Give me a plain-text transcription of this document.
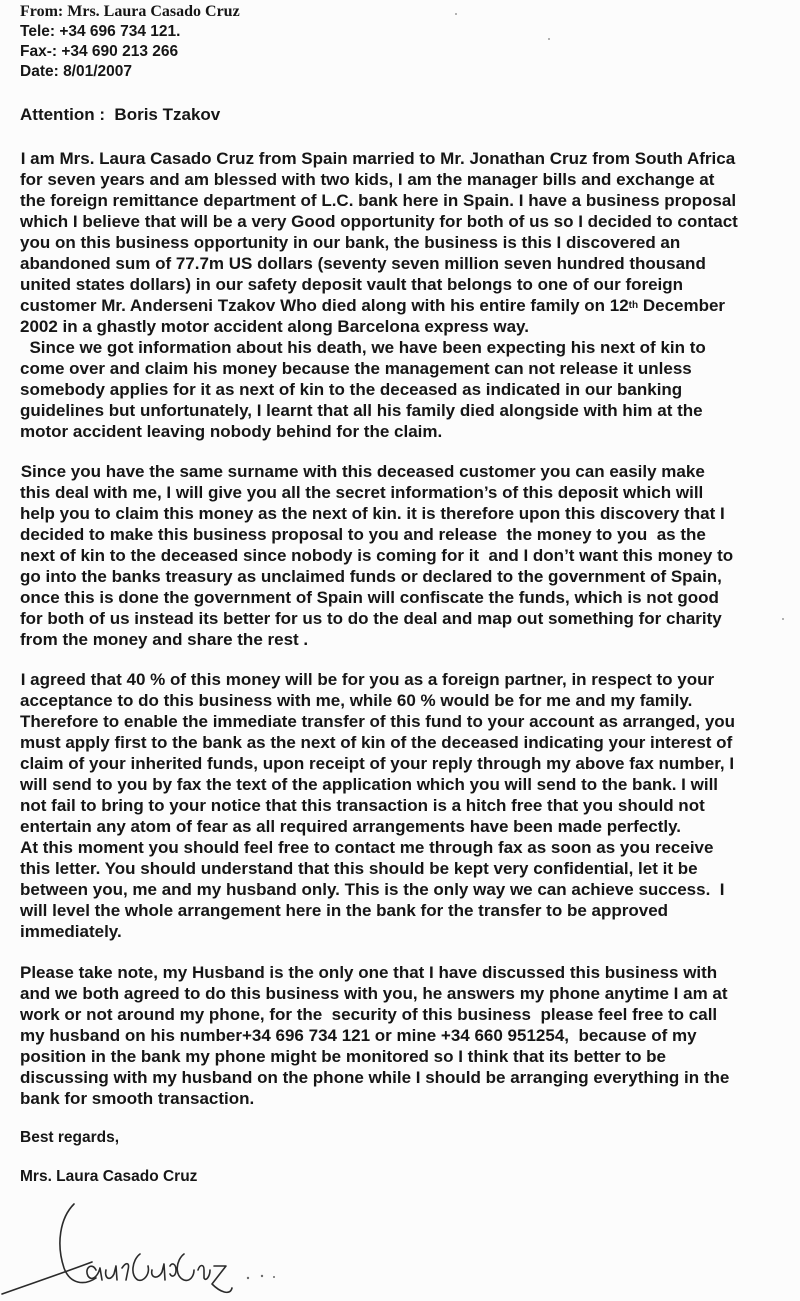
From: Mrs. Laura Casado Cruz
Tele: +34 696 734 121.
Fax-: +34 690 213 266
Date: 8/01/2007
Attention :  Boris Tzakov
I am Mrs. Laura Casado Cruz from Spain married to Mr. Jonathan Cruz from South Africa
for seven years and am blessed with two kids, I am the manager bills and exchange at
the foreign remittance department of L.C. bank here in Spain. I have a business proposal
which I believe that will be a very Good opportunity for both of us so I decided to contact
you on this business opportunity in our bank, the business is this I discovered an
abandoned sum of 77.7m US dollars (seventy seven million seven hundred thousand
united states dollars) in our safety deposit vault that belongs to one of our foreign
customer Mr. Anderseni Tzakov Who died along with his entire family on 12th December
2002 in a ghastly motor accident along Barcelona express way.
Since we got information about his death, we have been expecting his next of kin to
come over and claim his money because the management can not release it unless
somebody applies for it as next of kin to the deceased as indicated in our banking
guidelines but unfortunately, I learnt that all his family died alongside with him at the
motor accident leaving nobody behind for the claim.
Since you have the same surname with this deceased customer you can easily make
this deal with me, I will give you all the secret information’s of this deposit which will
help you to claim this money as the next of kin. it is therefore upon this discovery that I
decided to make this business proposal to you and release  the money to you  as the
next of kin to the deceased since nobody is coming for it  and I don’t want this money to
go into the banks treasury as unclaimed funds or declared to the government of Spain,
once this is done the government of Spain will confiscate the funds, which is not good
for both of us instead its better for us to do the deal and map out something for charity
from the money and share the rest .
I agreed that 40 % of this money will be for you as a foreign partner, in respect to your
acceptance to do this business with me, while 60 % would be for me and my family.
Therefore to enable the immediate transfer of this fund to your account as arranged, you
must apply first to the bank as the next of kin of the deceased indicating your interest of
claim of your inherited funds, upon receipt of your reply through my above fax number, I
will send to you by fax the text of the application which you will send to the bank. I will
not fail to bring to your notice that this transaction is a hitch free that you should not
entertain any atom of fear as all required arrangements have been made perfectly.
At this moment you should feel free to contact me through fax as soon as you receive
this letter. You should understand that this should be kept very confidential, let it be
between you, me and my husband only. This is the only way we can achieve success.  I
will level the whole arrangement here in the bank for the transfer to be approved
immediately.
Please take note, my Husband is the only one that I have discussed this business with
and we both agreed to do this business with you, he answers my phone anytime I am at
work or not around my phone, for the  security of this business  please feel free to call
my husband on his number+34 696 734 121 or mine +34 660 951254,  because of my
position in the bank my phone might be monitored so I think that its better to be
discussing with my husband on the phone while I should be arranging everything in the
bank for smooth transaction.
Best regards,
Mrs. Laura Casado Cruz
